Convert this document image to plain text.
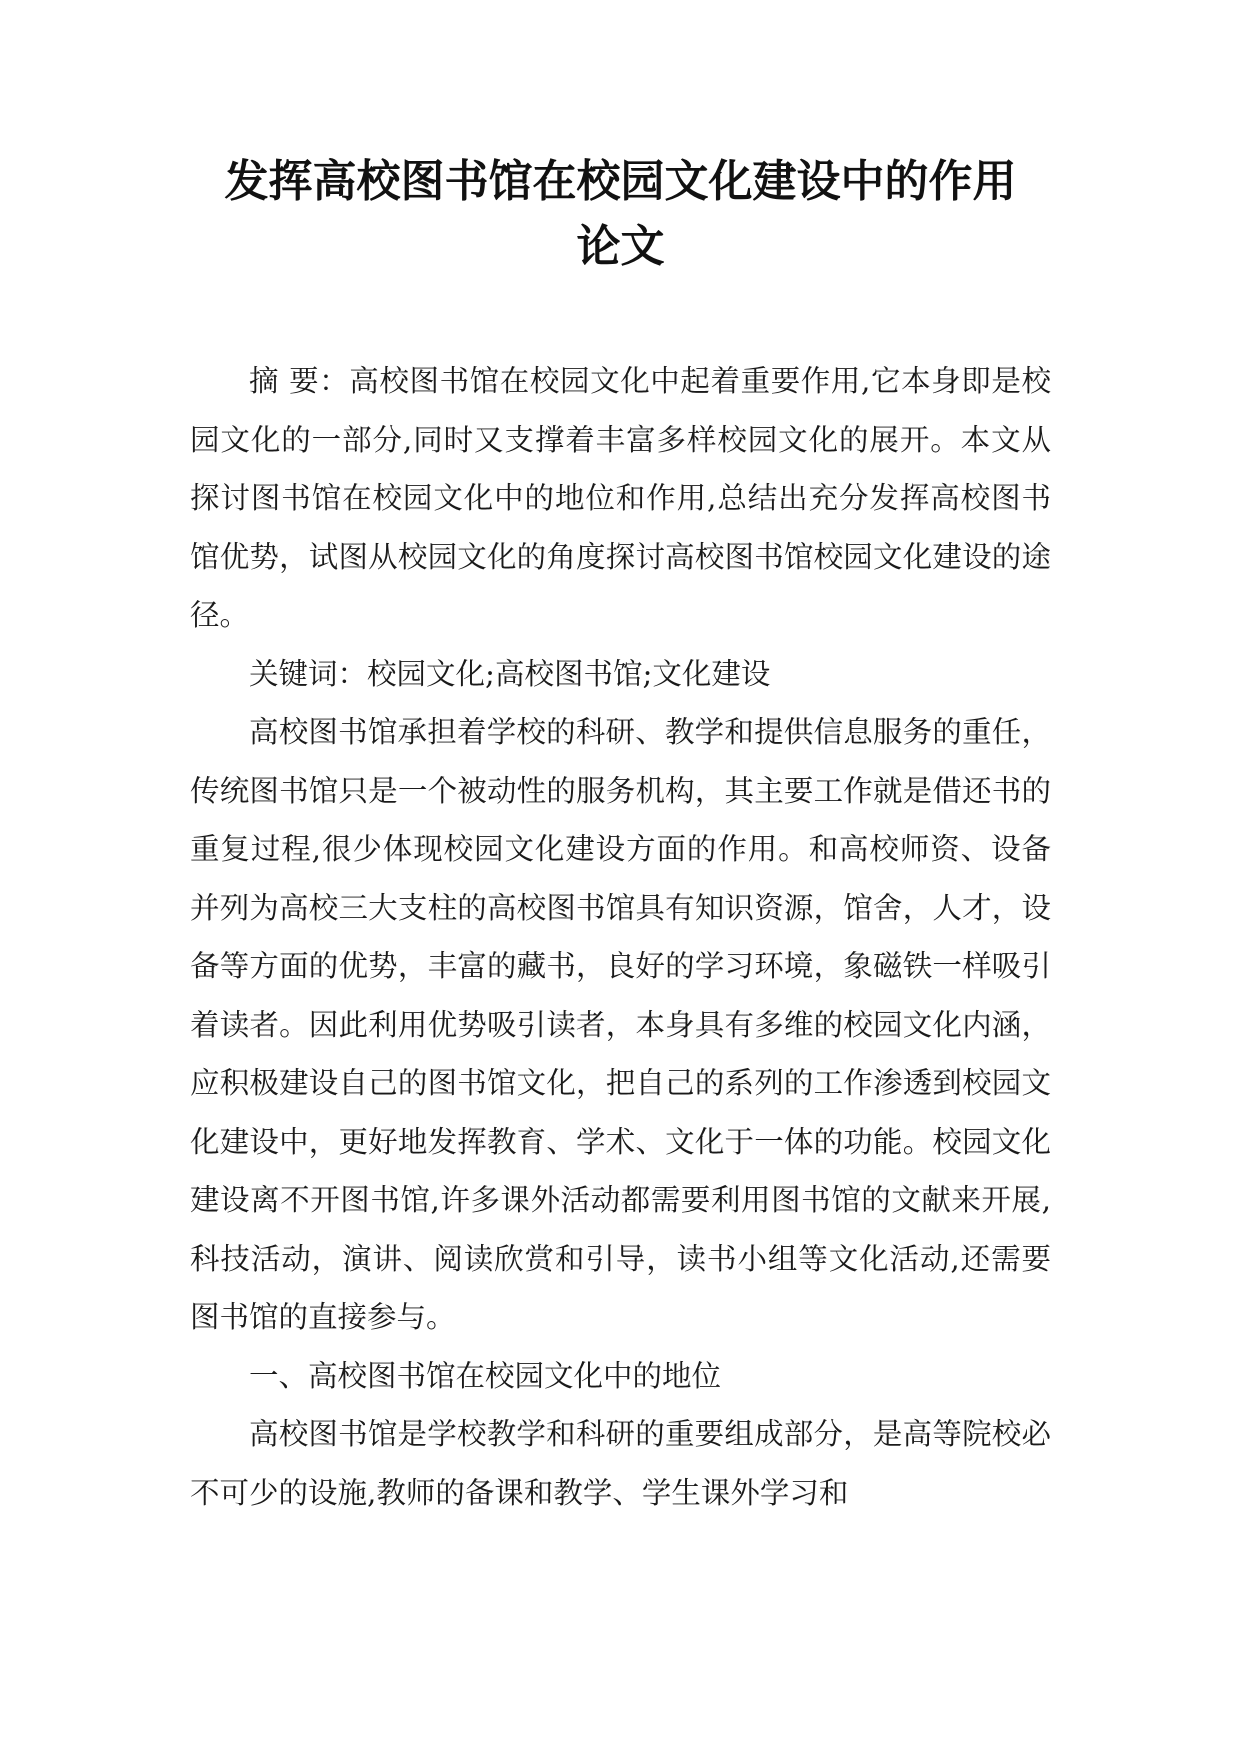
发挥高校图书馆在校园文化建设中的作用
论文

摘 要：高校图书馆在校园文化中起着重要作用,它本身即是校园文化的一部分,同时又支撑着丰富多样校园文化的展开。本文从探讨图书馆在校园文化中的地位和作用,总结出充分发挥高校图书馆优势，试图从校园文化的角度探讨高校图书馆校园文化建设的途径。

关键词：校园文化;高校图书馆;文化建设

高校图书馆承担着学校的科研、教学和提供信息服务的重任，传统图书馆只是一个被动性的服务机构，其主要工作就是借还书的重复过程,很少体现校园文化建设方面的作用。和高校师资、设备并列为高校三大支柱的高校图书馆具有知识资源，馆舍，人才，设备等方面的优势，丰富的藏书，良好的学习环境，象磁铁一样吸引着读者。因此利用优势吸引读者，本身具有多维的校园文化内涵，应积极建设自己的图书馆文化，把自己的系列的工作渗透到校园文化建设中，更好地发挥教育、学术、文化于一体的功能。校园文化建设离不开图书馆,许多课外活动都需要利用图书馆的文献来开展,科技活动，演讲、阅读欣赏和引导，读书小组等文化活动,还需要图书馆的直接参与。

一、高校图书馆在校园文化中的地位

高校图书馆是学校教学和科研的重要组成部分，是高等院校必不可少的设施,教师的备课和教学、学生课外学习和
